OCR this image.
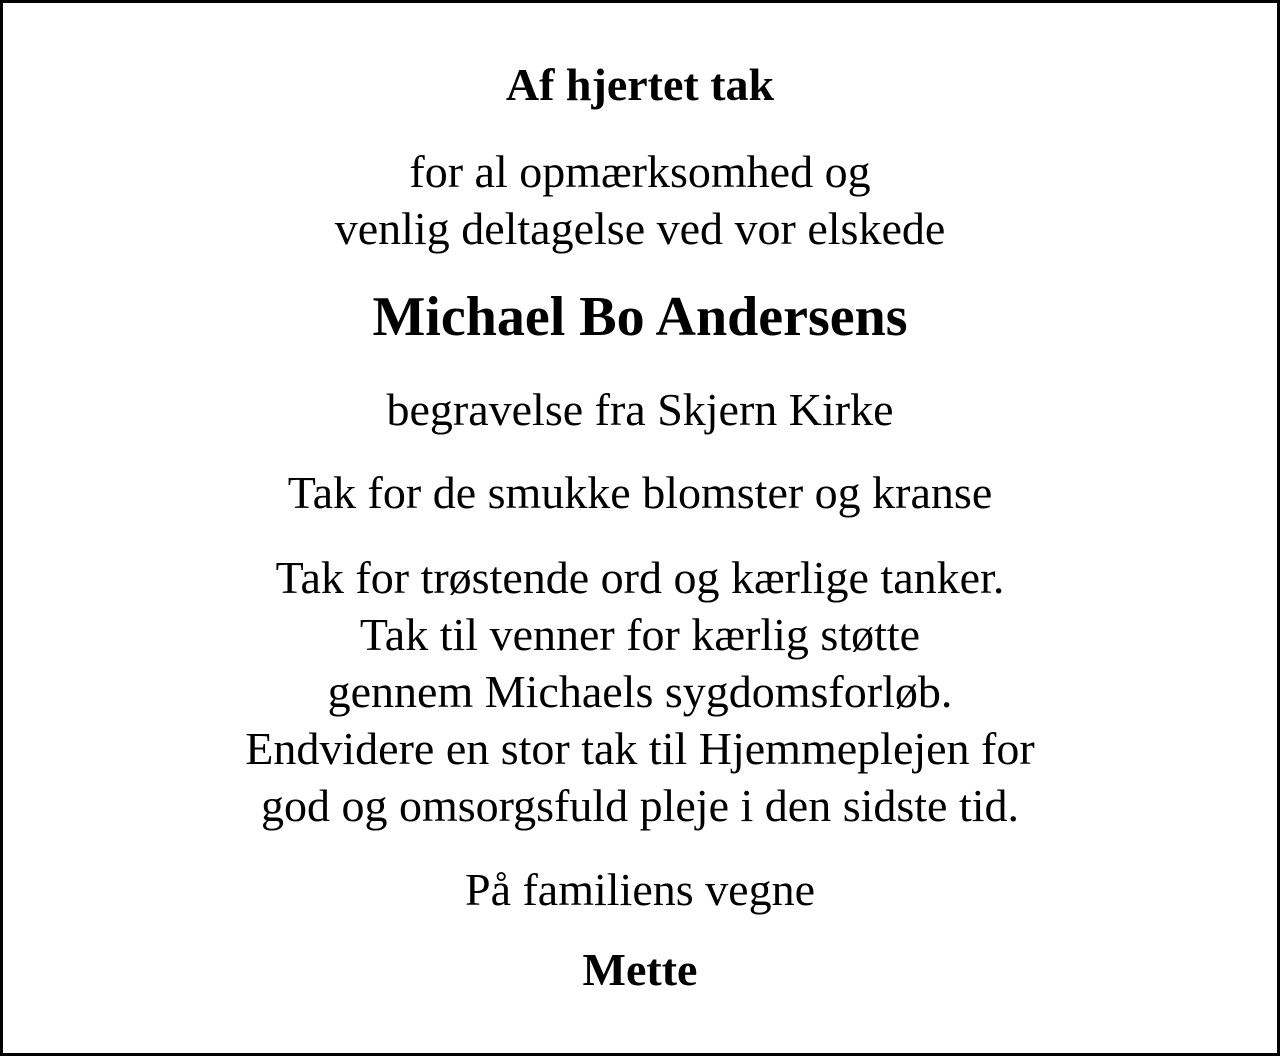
Af hjertet tak

for al opmærksomhed og

venlig deltagelse ved vor elskede

Michael Bo Andersens

begravelse fra Skjern Kirke

Tak for de smukke blomster og kranse

Tak for trøstende ord og kærlige tanker.

Tak til venner for kærlig støtte

gennem Michaels sygdomsforløb.

Endvidere en stor tak til Hjemmeplejen for

god og omsorgsfuld pleje i den sidste tid.

På familiens vegne

Mette
